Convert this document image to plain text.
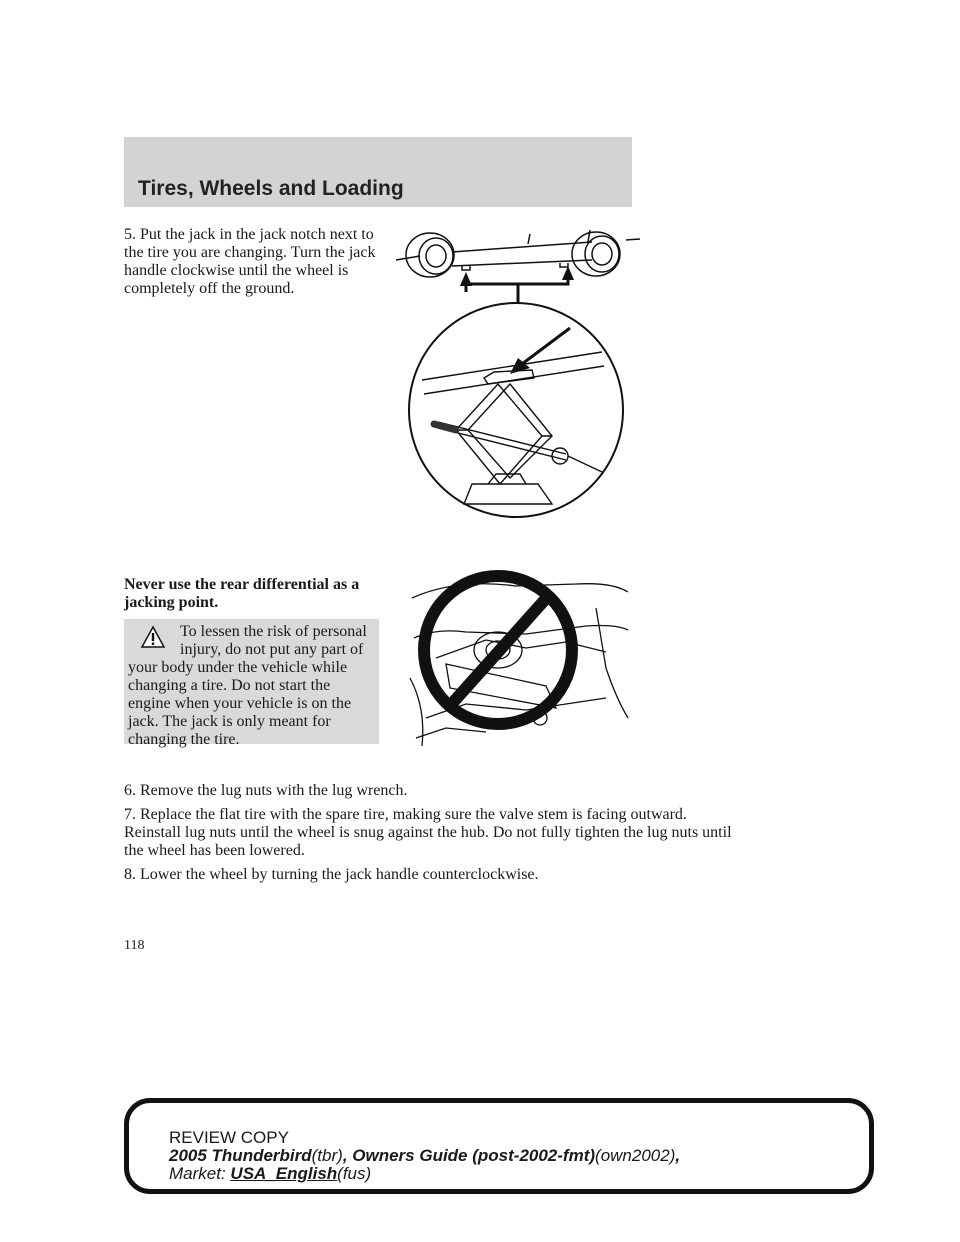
Tires, Wheels and Loading

5. Put the jack in the jack notch next to the tire you are changing. Turn the jack handle clockwise until the wheel is completely off the ground.

Never use the rear differential as a jacking point.

To lessen the risk of personal injury, do not put any part of your body under the vehicle while changing a tire. Do not start the engine when your vehicle is on the jack. The jack is only meant for changing the tire.

6. Remove the lug nuts with the lug wrench.

7. Replace the flat tire with the spare tire, making sure the valve stem is facing outward. Reinstall lug nuts until the wheel is snug against the hub. Do not fully tighten the lug nuts until the wheel has been lowered.

8. Lower the wheel by turning the jack handle counterclockwise.

118

REVIEW COPY

2005 Thunderbird(tbr), Owners Guide (post-2002-fmt)(own2002),

Market: USA_English(fus)
